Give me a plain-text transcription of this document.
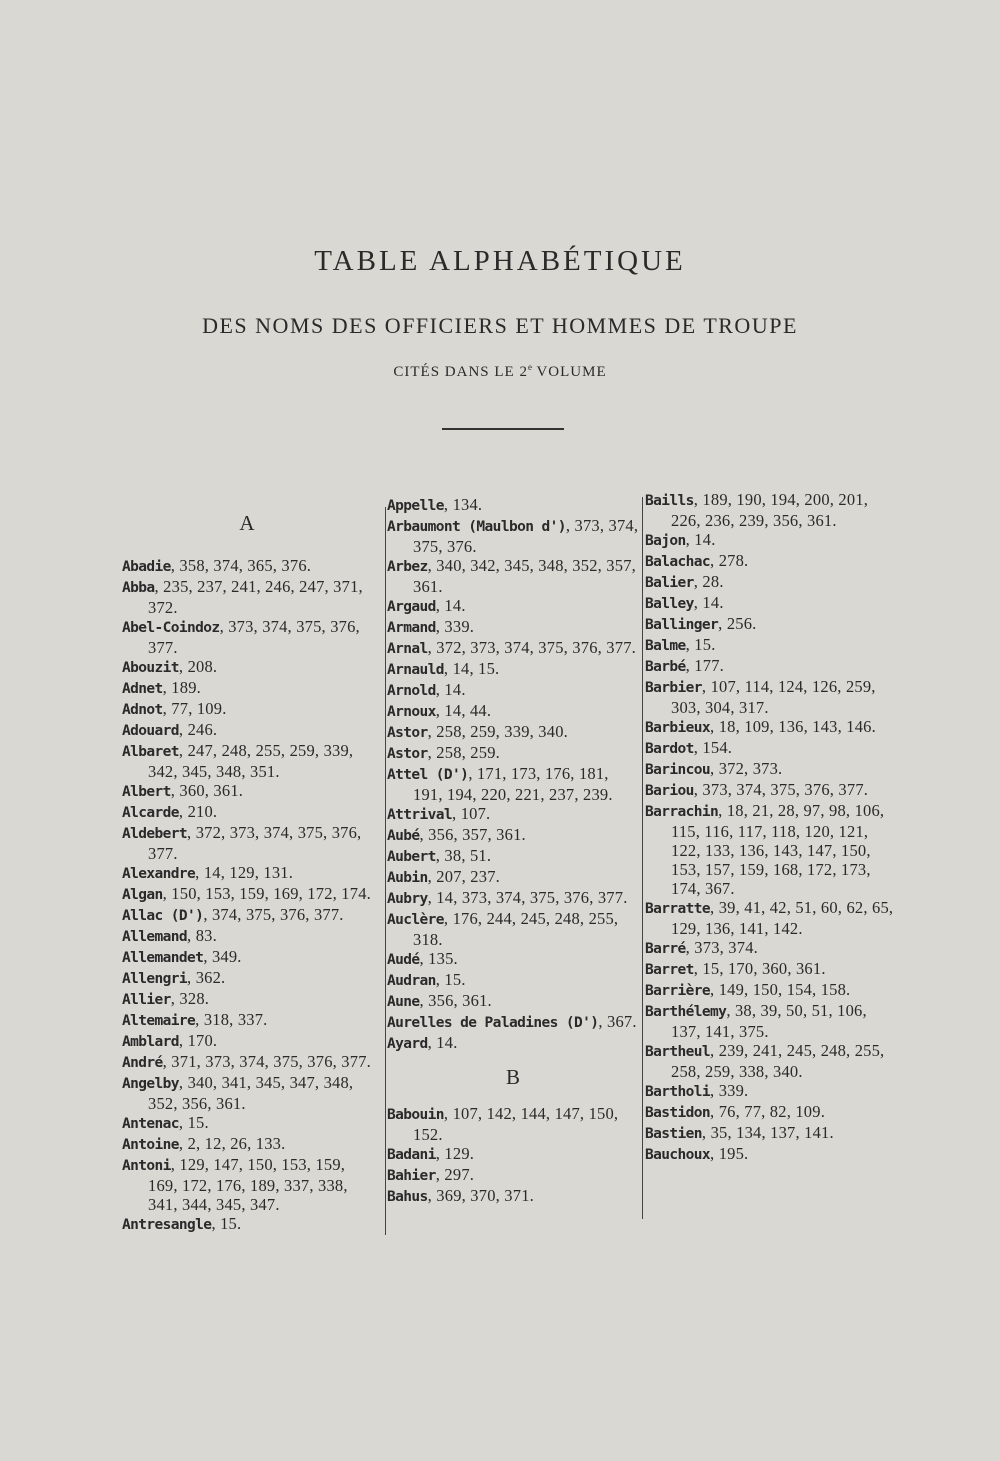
TABLE ALPHABÉTIQUE
DES NOMS DES OFFICIERS ET HOMMES DE TROUPE
CITÉS DANS LE 2e VOLUME
A

Abadie, 358, 374, 365, 376.

Abba, 235, 237, 241, 246, 247, 371, 372.

Abel-Coindoz, 373, 374, 375, 376, 377.

Abouzit, 208.

Adnet, 189.

Adnot, 77, 109.

Adouard, 246.

Albaret, 247, 248, 255, 259, 339, 342, 345, 348, 351.

Albert, 360, 361.

Alcarde, 210.

Aldebert, 372, 373, 374, 375, 376, 377.

Alexandre, 14, 129, 131.

Algan, 150, 153, 159, 169, 172, 174.

Allac (D'), 374, 375, 376, 377.

Allemand, 83.

Allemandet, 349.

Allengri, 362.

Allier, 328.

Altemaire, 318, 337.

Amblard, 170.

André, 371, 373, 374, 375, 376, 377.

Angelby, 340, 341, 345, 347, 348, 352, 356, 361.

Antenac, 15.

Antoine, 2, 12, 26, 133.

Antoni, 129, 147, 150, 153, 159, 169, 172, 176, 189, 337, 338, 341, 344, 345, 347.

Antresangle, 15.

Appelle, 134.

Arbaumont (Maulbon d'), 373, 374, 375, 376.

Arbez, 340, 342, 345, 348, 352, 357, 361.

Argaud, 14.

Armand, 339.

Arnal, 372, 373, 374, 375, 376, 377.

Arnauld, 14, 15.

Arnold, 14.

Arnoux, 14, 44.

Astor, 258, 259, 339, 340.

Astor, 258, 259.

Attel (D'), 171, 173, 176, 181, 191, 194, 220, 221, 237, 239.

Attrival, 107.

Aubé, 356, 357, 361.

Aubert, 38, 51.

Aubin, 207, 237.

Aubry, 14, 373, 374, 375, 376, 377.

Auclère, 176, 244, 245, 248, 255, 318.

Audé, 135.

Audran, 15.

Aune, 356, 361.

Aurelles de Paladines (D'), 367.

Ayard, 14.

B

Babouin, 107, 142, 144, 147, 150, 152.

Badani, 129.

Bahier, 297.

Bahus, 369, 370, 371.

Baills, 189, 190, 194, 200, 201, 226, 236, 239, 356, 361.

Bajon, 14.

Balachac, 278.

Balier, 28.

Balley, 14.

Ballinger, 256.

Balme, 15.

Barbé, 177.

Barbier, 107, 114, 124, 126, 259, 303, 304, 317.

Barbieux, 18, 109, 136, 143, 146.

Bardot, 154.

Barincou, 372, 373.

Bariou, 373, 374, 375, 376, 377.

Barrachin, 18, 21, 28, 97, 98, 106, 115, 116, 117, 118, 120, 121, 122, 133, 136, 143, 147, 150, 153, 157, 159, 168, 172, 173, 174, 367.

Barratte, 39, 41, 42, 51, 60, 62, 65, 129, 136, 141, 142.

Barré, 373, 374.

Barret, 15, 170, 360, 361.

Barrière, 149, 150, 154, 158.

Barthélemy, 38, 39, 50, 51, 106, 137, 141, 375.

Bartheul, 239, 241, 245, 248, 255, 258, 259, 338, 340.

Bartholi, 339.

Bastidon, 76, 77, 82, 109.

Bastien, 35, 134, 137, 141.

Bauchoux, 195.
